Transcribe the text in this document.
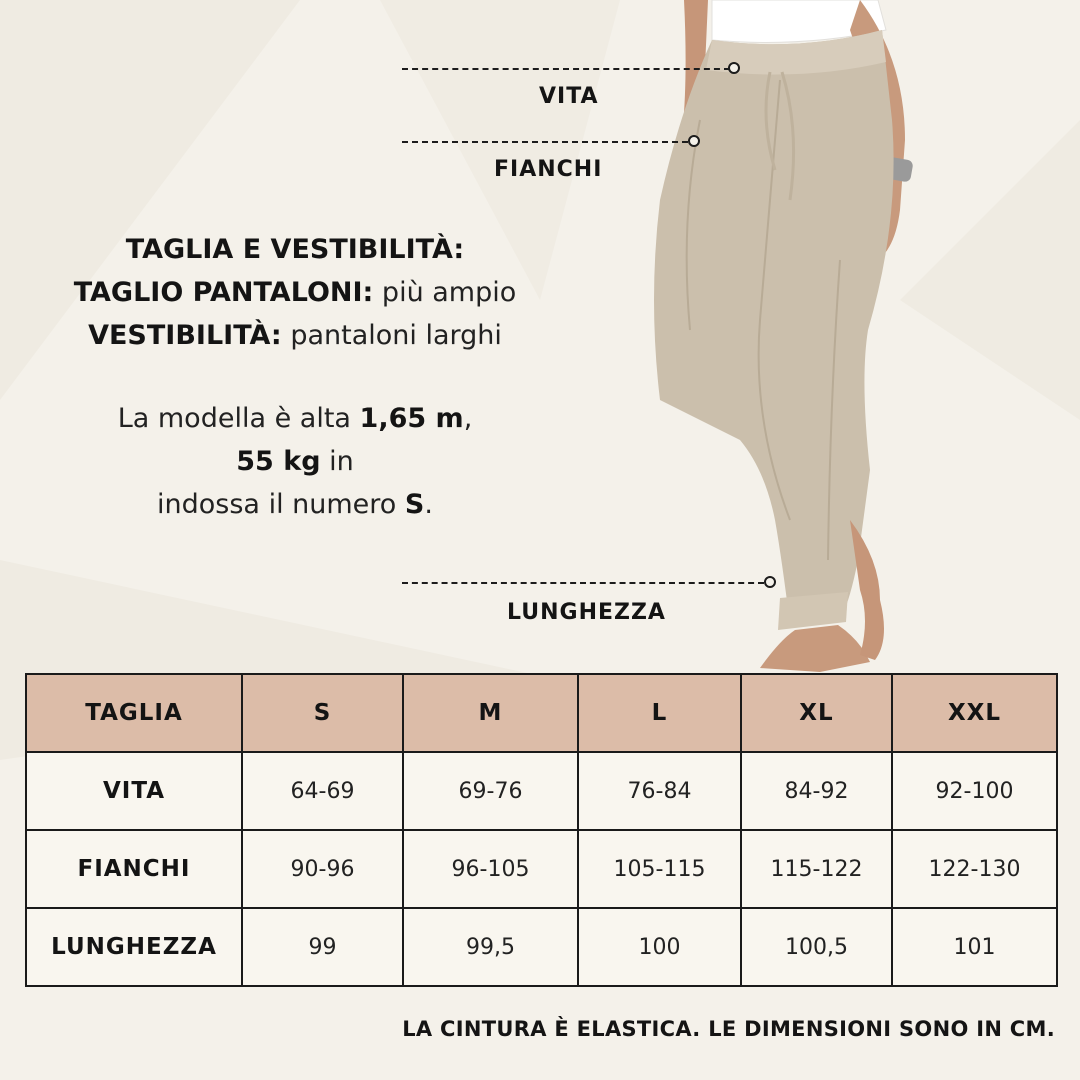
VITA
FIANCHI
LUNGHEZZA
TAGLIA E VESTIBILITÀ:
TAGLIO PANTALONI: più ampio
VESTIBILITÀ: pantaloni larghi
La modella è alta 1,65 m,
55 kg in
indossa il numero S.
TAGLIA	S	M	L	XL	XXL
VITA	64-69	69-76	76-84	84-92	92-100
FIANCHI	90-96	96-105	105-115	115-122	122-130
LUNGHEZZA	99	99,5	100	100,5	101
LA CINTURA È ELASTICA. LE DIMENSIONI SONO IN CM.
